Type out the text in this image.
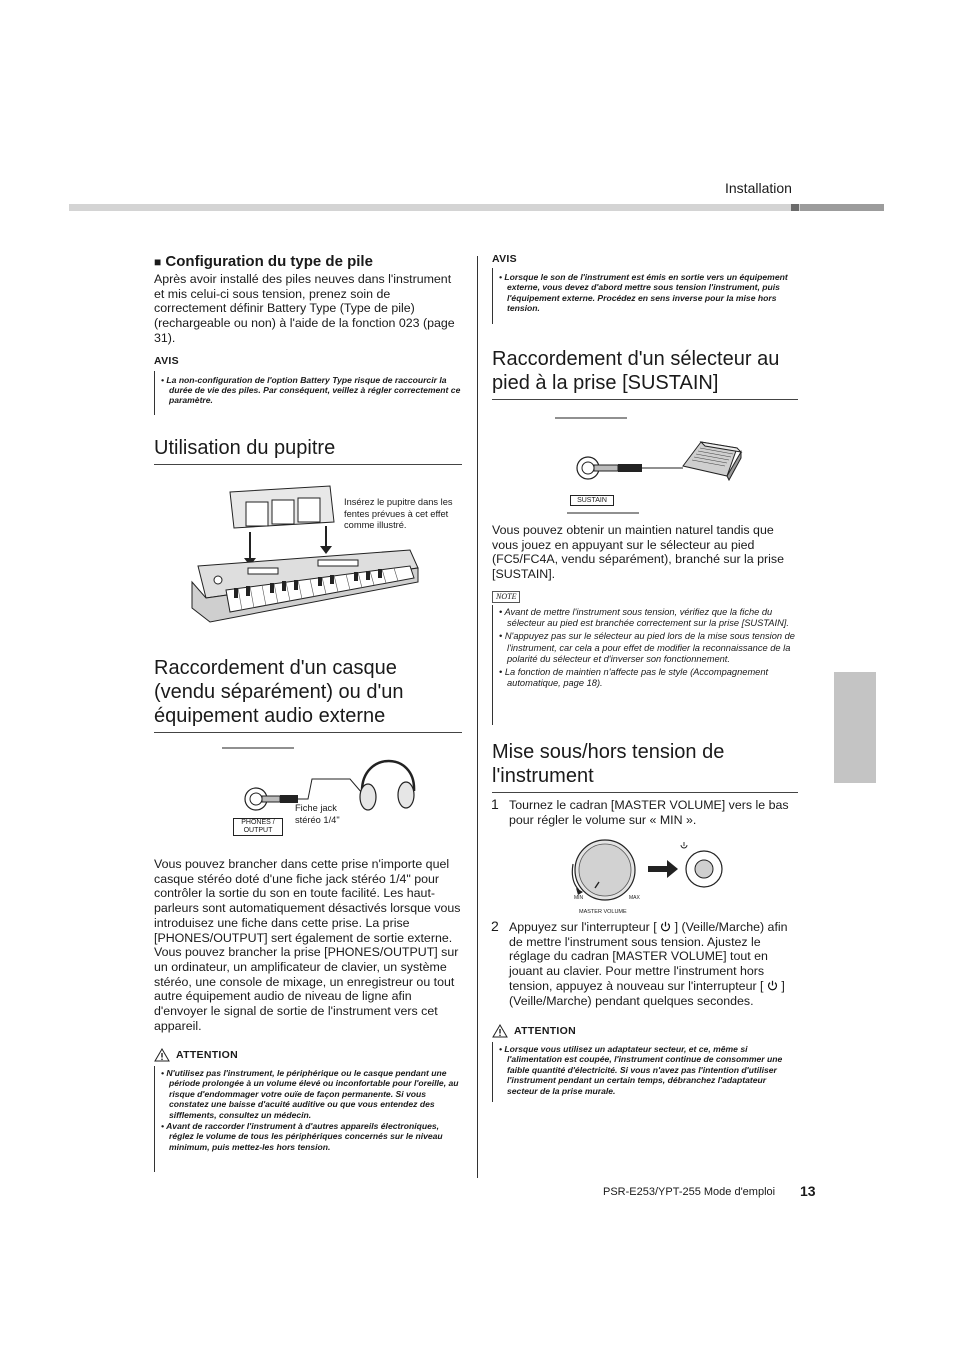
Installation
■ Configuration du type de pile
Après avoir installé des piles neuves dans l'instrument et mis celui-ci sous tension, prenez soin de correctement définir Battery Type (Type de pile) (rechargeable ou non) à l'aide de la fonction 023 (page 31).
AVIS
• La non-configuration de l'option Battery Type risque de raccourcir la durée de vie des piles. Par conséquent, veillez à régler correctement ce paramètre.
Utilisation du pupitre
Insérez le pupitre dans les fentes prévues à cet effet comme illustré.
Raccordement d'un casque (vendu séparément) ou d'un équipement audio externe
PHONES / OUTPUT
Fiche jack stéréo 1/4"
Vous pouvez brancher dans cette prise n'importe quel casque stéréo doté d'une fiche jack stéréo 1/4" pour contrôler la sortie du son en toute facilité. Les haut-parleurs sont automatiquement désactivés lorsque vous introduisez une fiche dans cette prise. La prise [PHONES/OUTPUT] sert également de sortie externe. Vous pouvez brancher la prise [PHONES/OUTPUT] sur un ordinateur, un amplificateur de clavier, un système stéréo, une console de mixage, un enregistreur ou tout autre équipement audio de niveau de ligne afin d'envoyer le signal de sortie de l'instrument vers cet appareil.
ATTENTION
• N'utilisez pas l'instrument, le périphérique ou le casque pendant une période prolongée à un volume élevé ou inconfortable pour l'oreille, au risque d'endommager votre ouïe de façon permanente. Si vous constatez une baisse d'acuité auditive ou que vous entendez des sifflements, consultez un médecin.
• Avant de raccorder l'instrument à d'autres appareils électroniques, réglez le volume de tous les périphériques concernés sur le niveau minimum, puis mettez-les hors tension.
AVIS
• Lorsque le son de l'instrument est émis en sortie vers un équipement externe, vous devez d'abord mettre sous tension l'instrument, puis l'équipement externe. Procédez en sens inverse pour la mise hors tension.
Raccordement d'un sélecteur au pied à la prise [SUSTAIN]
SUSTAIN
Vous pouvez obtenir un maintien naturel tandis que vous jouez en appuyant sur le sélecteur au pied (FC5/FC4A, vendu séparément), branché sur la prise [SUSTAIN].
NOTE
• Avant de mettre l'instrument sous tension, vérifiez que la fiche du sélecteur au pied est branchée correctement sur la prise [SUSTAIN].
• N'appuyez pas sur le sélecteur au pied lors de la mise sous tension de l'instrument, car cela a pour effet de modifier la reconnaissance de la polarité du sélecteur et d'inverser son fonctionnement.
• La fonction de maintien n'affecte pas le style (Accompagnement automatique, page 18).
Mise sous/hors tension de l'instrument
1 Tournez le cadran [MASTER VOLUME] vers le bas pour régler le volume sur « MIN ».
MIN	MAX
MASTER VOLUME
2 Appuyez sur l'interrupteur [ ] (Veille/Marche) afin de mettre l'instrument sous tension. Ajustez le réglage du cadran [MASTER VOLUME] tout en jouant au clavier. Pour mettre l'instrument hors tension, appuyez à nouveau sur l'interrupteur [ ] (Veille/Marche) pendant quelques secondes.
ATTENTION
• Lorsque vous utilisez un adaptateur secteur, et ce, même si l'alimentation est coupée, l'instrument continue de consommer une faible quantité d'électricité. Si vous n'avez pas l'intention d'utiliser l'instrument pendant un certain temps, débranchez l'adaptateur secteur de la prise murale.
PSR-E253/YPT-255 Mode d'emploi 13
